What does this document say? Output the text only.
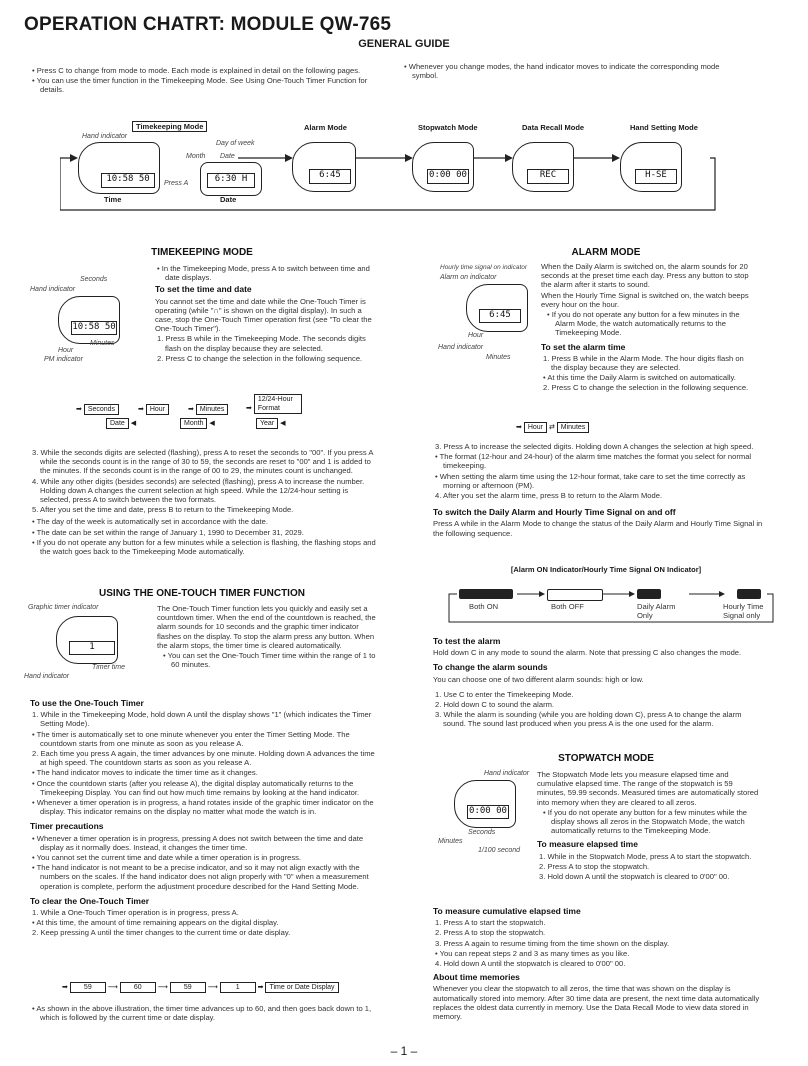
OPERATION CHATRT: MODULE QW-765
GENERAL GUIDE

• Press C to change from mode to mode. Each mode is explained in detail on the following pages.

• You can use the timer function in the Timekeeping Mode. See Using One-Touch Timer Function for details.

• Whenever you change modes, the hand indicator moves to indicate the corresponding mode symbol.

Timekeeping Mode	Alarm Mode	Stopwatch Mode	Data Recall Mode	Hand Setting Mode
Hand indicator
Day of week
Month Date
Press A
10:58 50	6:30 H
Time	Date
6:45	0:00 00	REC	H-SE
TIMEKEEPING MODE
Seconds
Hand indicator
10:58 50
Minutes
Hour
PM indicator

• In the Timekeeping Mode, press A to switch between time and date displays.

To set the time and date

You cannot set the time and date while the One-Touch Timer is operating (while "∩" is shown on the digital display). In such a case, stop the One-Touch Timer operation first (see "To clear the One-Touch Timer").

1. Press B while in the Timekeeping Mode. The seconds digits flash on the display because they are selected.

2. Press C to change the selection in the following sequence.

➡ Seconds	➡ Hour	➡ Minutes	➡ 12/24-Hour Format
Date ◀	Month ◀	Year ◀

3. While the seconds digits are selected (flashing), press A to reset the seconds to "00". If you press A while the seconds count is in the range of 30 to 59, the seconds are reset to "00" and 1 is added to the minutes. If the seconds count is in the range of 00 to 29, the minutes count is unchanged.

4. While any other digits (besides seconds) are selected (flashing), press A to increase the number. Holding down A changes the current selection at high speed. While the 12/24-hour setting is selected, press A to switch between the two formats.

5. After you set the time and date, press B to return to the Timekeeping Mode.

• The day of the week is automatically set in accordance with the date.

• The date can be set within the range of January 1, 1990 to December 31, 2029.

• If you do not operate any button for a few minutes while a selection is flashing, the flashing stops and the watch goes back to the Timekeeping Mode automatically.

USING THE ONE-TOUCH TIMER FUNCTION
Graphic timer indicator
1
Timer time
Hand indicator

The One-Touch Timer function lets you quickly and easily set a countdown timer. When the end of the countdown is reached, the alarm sounds for 10 seconds and the graphic timer indicator flashes on the display. To stop the alarm press any button. When the alarm stops, the timer time is cleared automatically.

• You can set the One-Touch Timer time within the range of 1 to 60 minutes.

To use the One-Touch Timer

1. While in the Timekeeping Mode, hold down A until the display shows "1" (which indicates the Timer Setting Mode).

• The timer is automatically set to one minute whenever you enter the Timer Setting Mode. The countdown starts from one minute as soon as you release A.

2. Each time you press A again, the timer advances by one minute. Holding down A advances the time at high speed. The countdown starts as soon as you release A.

• The hand indicator moves to indicate the timer time as it changes.

• Once the countdown starts (after you release A), the digital display automatically returns to the Timekeeping Display. You can find out how much time remains by looking at the hand indicator.

• Whenever a timer operation is in progress, a hand rotates inside of the graphic timer indicator on the display. This indicator remains on the display no matter what mode the watch is in.

Timer precautions

• Whenever a timer operation is in progress, pressing A does not switch between the time and date display as it normally does. Instead, it changes the timer time.

• You cannot set the current time and date while a timer operation is in progress.

• The hand indicator is not meant to be a precise indicator, and so it may not align exactly with the numbers on the scales. If the hand indicator does not align properly with "0" when a measurement operation is complete, perform the adjustment procedure described for the Hand Setting Mode.

To clear the One-Touch Timer

1. While a One-Touch Timer operation is in progress, press A.

• At this time, the amount of time remaining appears on the digital display.

2. Keep pressing A until the timer changes to the current time or date display.

➡ 59 ⟶ 60 ⟶ 59 ⟶	1	➡ Time or Date Display

• As shown in the above illustration, the timer time advances up to 60, and then goes back down to 1, which is followed by the current time or date display.

ALARM MODE
Hourly time signal on indicator
Alarm on indicator
6:45
Hour
Hand indicator
Minutes

When the Daily Alarm is switched on, the alarm sounds for 20 seconds at the preset time each day. Press any button to stop the alarm after it starts to sound.

When the Hourly Time Signal is switched on, the watch beeps every hour on the hour.

• If you do not operate any button for a few minutes in the Alarm Mode, the watch automatically returns to the Timekeeping Mode.

To set the alarm time

1. Press B while in the Alarm Mode. The hour digits flash on the display because they are selected.

• At this time the Daily Alarm is switched on automatically.

2. Press C to change the selection in the following sequence.

➡ Hour ⇄ Minutes

3. Press A to increase the selected digits. Holding down A changes the selection at high speed.

• The format (12-hour and 24-hour) of the alarm time matches the format you select for normal timekeeping.

• When setting the alarm time using the 12-hour format, take care to set the time correctly as morning or afternoon (PM).

4. After you set the alarm time, press B to return to the Alarm Mode.

To switch the Daily Alarm and Hourly Time Signal on and off

Press A while in the Alarm Mode to change the status of the Daily Alarm and Hourly Time Signal in the following sequence.

[Alarm ON Indicator/Hourly Time Signal ON Indicator]
Both ON	Both OFF	Daily Alarm Only
Hourly Time Signal only
To test the alarm

Hold down C in any mode to sound the alarm. Note that pressing C also changes the mode.

To change the alarm sounds

You can choose one of two different alarm sounds: high or low.

1. Use C to enter the Timekeeping Mode.

2. Hold down C to sound the alarm.

3. While the alarm is sounding (while you are holding down C), press A to change the alarm sound. The sound last produced when you press A is the one used for the alarm.

STOPWATCH MODE
Hand indicator
0:00 00
Seconds
Minutes
1/100 second

The Stopwatch Mode lets you measure elapsed time and cumulative elapsed time. The range of the stopwatch is 59 minutes, 59.99 seconds. Measured times are automatically stored into memory when they are cleared to all zeros.

• If you do not operate any button for a few minutes while the display shows all zeros in the Stopwatch Mode, the watch automatically returns to the Timekeeping Mode.

To measure elapsed time

1. While in the Stopwatch Mode, press A to start the stopwatch.

2. Press A to stop the stopwatch.

3. Hold down A until the stopwatch is cleared to 0'00" 00.

To measure cumulative elapsed time

1. Press A to start the stopwatch.

2. Press A to stop the stopwatch.

3. Press A again to resume timing from the time shown on the display.

• You can repeat steps 2 and 3 as many times as you like.

4. Hold down A until the stopwatch is cleared to 0'00" 00.

About time memories

Whenever you clear the stopwatch to all zeros, the time that was shown on the display is automatically stored into memory. After 30 time data are present, the next time data automatically replaces the oldest data currently in memory. Use the Data Recall Mode to view data stored in memory.

– 1 –
